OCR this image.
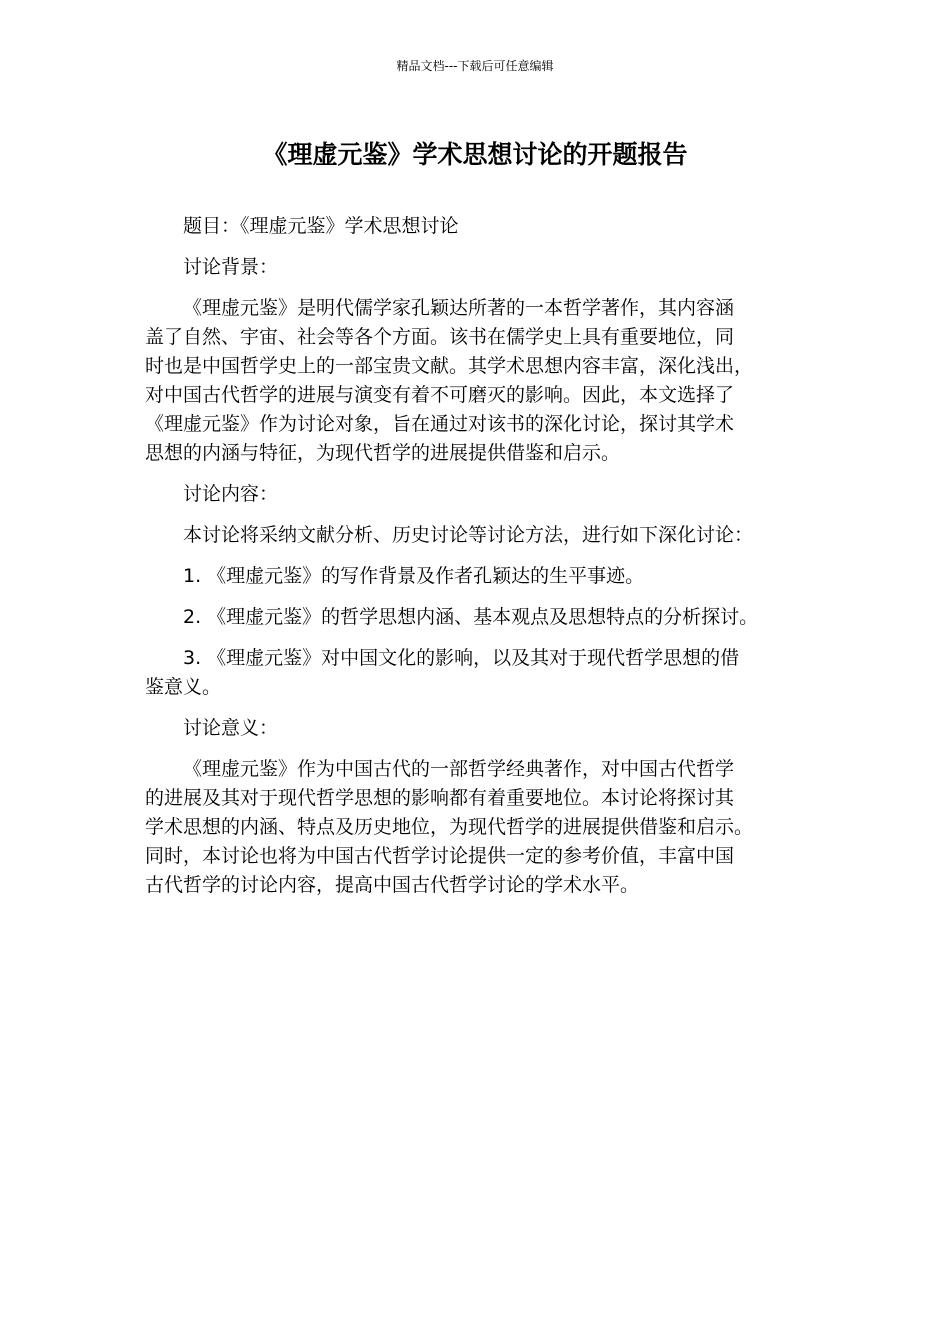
精品文档---下载后可任意编辑
《理虚元鉴》学术思想讨论的开题报告

题目：《理虚元鉴》学术思想讨论

讨论背景：

《理虚元鉴》是明代儒学家孔颖达所著的一本哲学著作，其内容涵
盖了自然、宇宙、社会等各个方面。该书在儒学史上具有重要地位，同
时也是中国哲学史上的一部宝贵文献。其学术思想内容丰富，深化浅出，
对中国古代哲学的进展与演变有着不可磨灭的影响。因此，本文选择了
《理虚元鉴》作为讨论对象，旨在通过对该书的深化讨论，探讨其学术
思想的内涵与特征，为现代哲学的进展提供借鉴和启示。

讨论内容：

本讨论将采纳文献分析、历史讨论等讨论方法，进行如下深化讨论：

1. 《理虚元鉴》的写作背景及作者孔颖达的生平事迹。

2. 《理虚元鉴》的哲学思想内涵、基本观点及思想特点的分析探讨。

3. 《理虚元鉴》对中国文化的影响，以及其对于现代哲学思想的借
鉴意义。

讨论意义：

《理虚元鉴》作为中国古代的一部哲学经典著作，对中国古代哲学
的进展及其对于现代哲学思想的影响都有着重要地位。本讨论将探讨其
学术思想的内涵、特点及历史地位，为现代哲学的进展提供借鉴和启示。
同时，本讨论也将为中国古代哲学讨论提供一定的参考价值，丰富中国
古代哲学的讨论内容，提高中国古代哲学讨论的学术水平。
